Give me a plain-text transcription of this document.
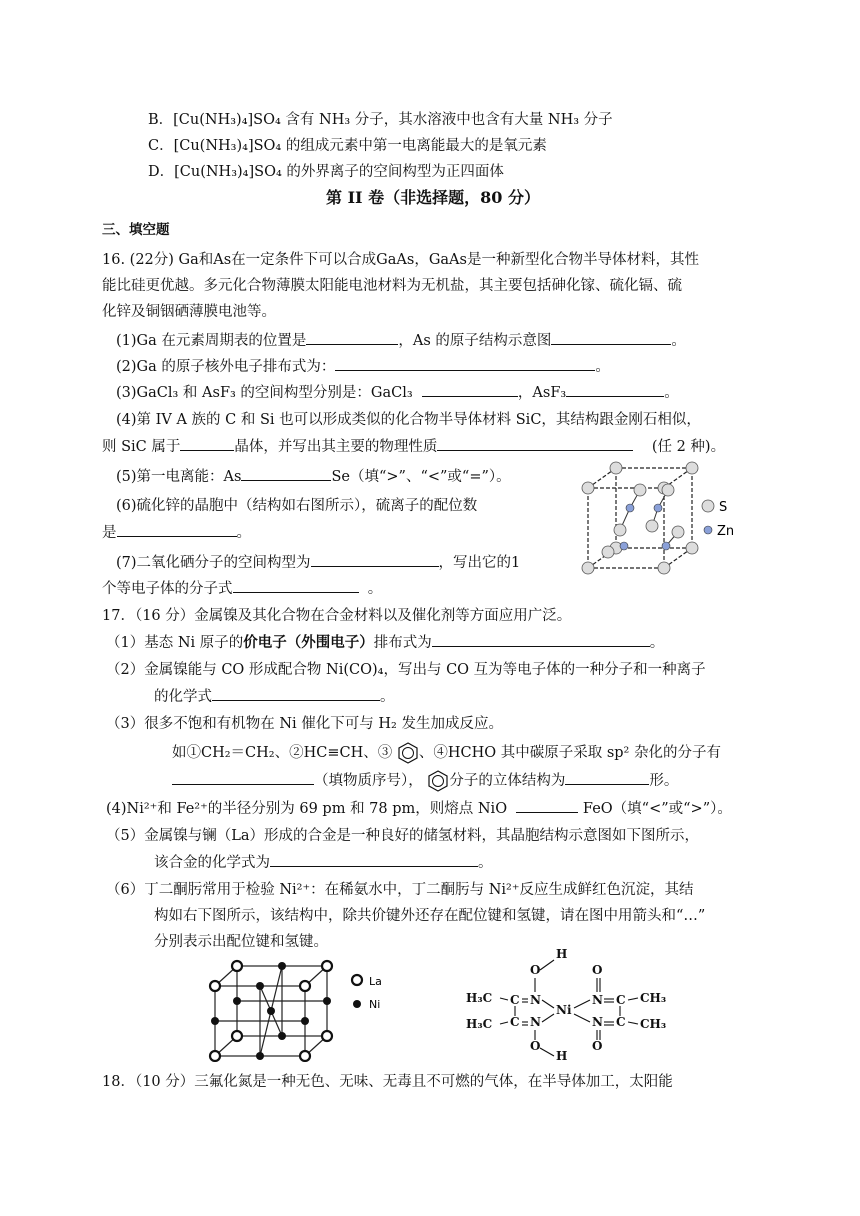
B．[Cu(NH₃)₄]SO₄ 含有 NH₃ 分子，其水溶液中也含有大量 NH₃ 分子
C．[Cu(NH₃)₄]SO₄ 的组成元素中第一电离能最大的是氧元素
D．[Cu(NH₃)₄]SO₄ 的外界离子的空间构型为正四面体
第 II 卷（非选择题，80 分）
三、填空题
16. (22分) Ga和As在一定条件下可以合成GaAs，GaAs是一种新型化合物半导体材料，其性
能比硅更优越。多元化合物薄膜太阳能电池材料为无机盐，其主要包括砷化镓、硫化镉、硫
化锌及铜铟硒薄膜电池等。
(1)Ga 在元素周期表的位置是	，As 的原子结构示意图	。
(2)Ga 的原子核外电子排布式为：	。
(3)GaCl₃ 和 AsF₃ 的空间构型分别是：GaCl₃	，AsF₃	。
(4)第 IV A 族的 C 和 Si 也可以形成类似的化合物半导体材料 SiC，其结构跟金刚石相似，
则 SiC 属于	晶体，并写出其主要的物理性质	(任 2 种)。
(5)第一电离能：As	Se（填“>”、“<”或“=”）。
(6)硫化锌的晶胞中（结构如右图所示），硫离子的配位数
是	。
(7)二氧化硒分子的空间构型为	，写出它的1
个等电子体的分子式	。
S
Zn
17．（16 分）金属镍及其化合物在合金材料以及催化剂等方面应用广泛。
（1）基态 Ni 原子的价电子（外围电子）排布式为	。
（2）金属镍能与 CO 形成配合物 Ni(CO)₄，写出与 CO 互为等电子体的一种分子和一种离子
的化学式	。
（3）很多不饱和有机物在 Ni 催化下可与 H₂ 发生加成反应。
如①CH₂＝CH₂、②HC≡CH、③ 、④HCHO 其中碳原子采取 sp² 杂化的分子有
（填物质序号）， 分子的立体结构为	形。
(4)Ni²⁺和 Fe²⁺的半径分别为 69 pm 和 78 pm，则熔点 NiO	FeO（填“<”或“>”）。
（5）金属镍与镧（La）形成的合金是一种良好的储氢材料，其晶胞结构示意图如下图所示，
该合金的化学式为	。
（6）丁二酮肟常用于检验 Ni²⁺：在稀氨水中，丁二酮肟与 Ni²⁺反应生成鲜红色沉淀，其结
构如右下图所示，该结构中，除共价键外还存在配位键和氢键，请在图中用箭头和“…”
分别表示出配位键和氢键。
La
Ni
H
O
N
C
C N
O
H
Ni
O
N C
C
N
O
H₃C
H₃C
CH₃
CH₃
18．（10 分）三氟化氮是一种无色、无味、无毒且不可燃的气体，在半导体加工，太阳能
